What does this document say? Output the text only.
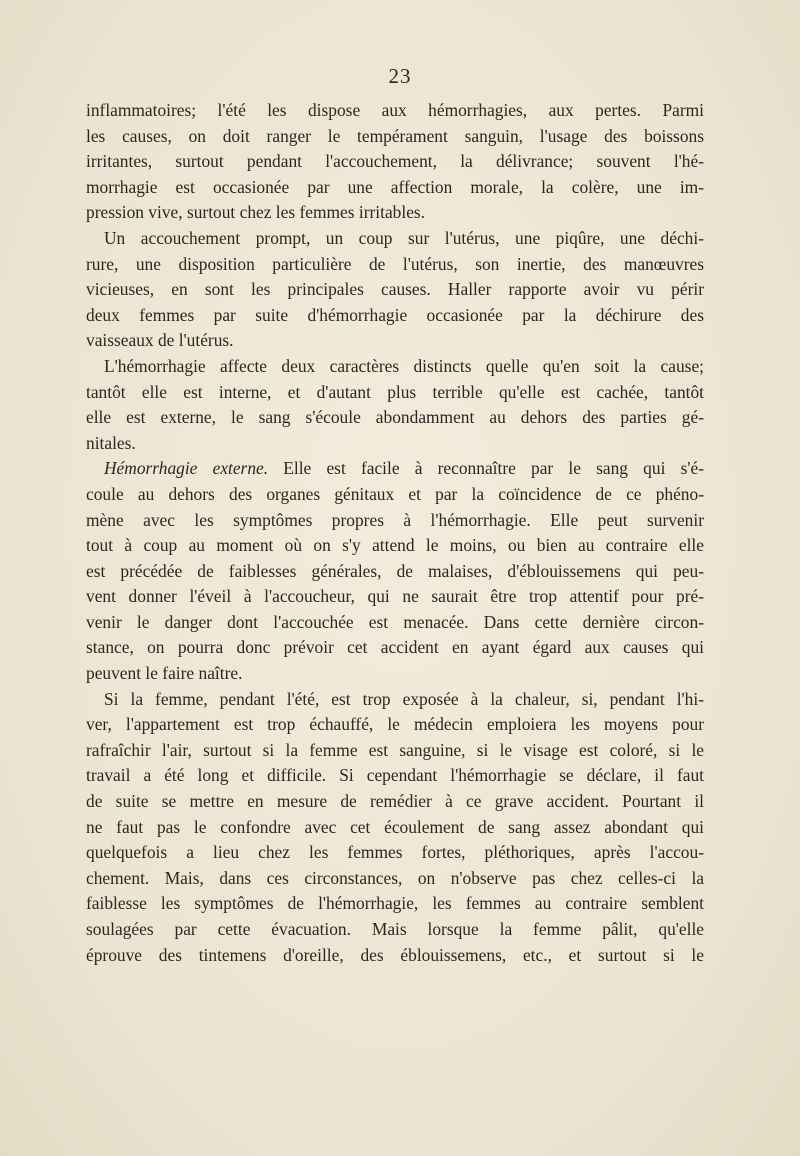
23
inflammatoires; l'été les dispose aux hémorrhagies, aux pertes. Parmi
les causes, on doit ranger le tempérament sanguin, l'usage des boissons
irritantes, surtout pendant l'accouchement, la délivrance; souvent l'hé-
morrhagie est occasionée par une affection morale, la colère, une im-
pression vive, surtout chez les femmes irritables.
Un accouchement prompt, un coup sur l'utérus, une piqûre, une déchi-
rure, une disposition particulière de l'utérus, son inertie, des manœuvres
vicieuses, en sont les principales causes. Haller rapporte avoir vu périr
deux femmes par suite d'hémorrhagie occasionée par la déchirure des
vaisseaux de l'utérus.
L'hémorrhagie affecte deux caractères distincts quelle qu'en soit la cause;
tantôt elle est interne, et d'autant plus terrible qu'elle est cachée, tantôt
elle est externe, le sang s'écoule abondamment au dehors des parties gé-
nitales.
Hémorrhagie externe. Elle est facile à reconnaître par le sang qui s'é-
coule au dehors des organes génitaux et par la coïncidence de ce phéno-
mène avec les symptômes propres à l'hémorrhagie. Elle peut survenir
tout à coup au moment où on s'y attend le moins, ou bien au contraire elle
est précédée de faiblesses générales, de malaises, d'éblouissemens qui peu-
vent donner l'éveil à l'accoucheur, qui ne saurait être trop attentif pour pré-
venir le danger dont l'accouchée est menacée. Dans cette dernière circon-
stance, on pourra donc prévoir cet accident en ayant égard aux causes qui
peuvent le faire naître.
Si la femme, pendant l'été, est trop exposée à la chaleur, si, pendant l'hi-
ver, l'appartement est trop échauffé, le médecin emploiera les moyens pour
rafraîchir l'air, surtout si la femme est sanguine, si le visage est coloré, si le
travail a été long et difficile. Si cependant l'hémorrhagie se déclare, il faut
de suite se mettre en mesure de remédier à ce grave accident. Pourtant il
ne faut pas le confondre avec cet écoulement de sang assez abondant qui
quelquefois a lieu chez les femmes fortes, pléthoriques, après l'accou-
chement. Mais, dans ces circonstances, on n'observe pas chez celles-ci la
faiblesse les symptômes de l'hémorrhagie, les femmes au contraire semblent
soulagées par cette évacuation. Mais lorsque la femme pâlit, qu'elle
éprouve des tintemens d'oreille, des éblouissemens, etc., et surtout si le
